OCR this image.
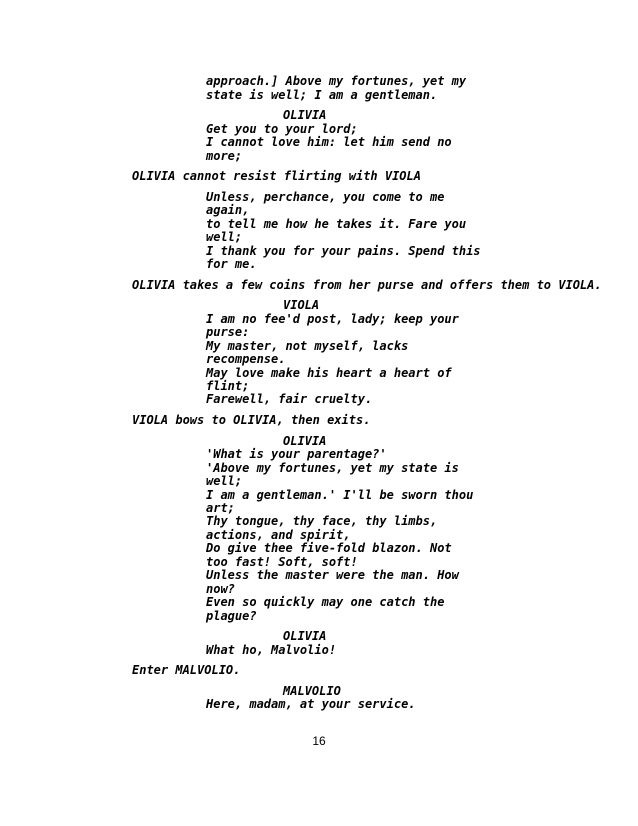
approach.] Above my fortunes, yet my
state is well; I am a gentleman.
OLIVIA
Get you to your lord;
I cannot love him: let him send no
more;
OLIVIA cannot resist flirting with VIOLA
Unless, perchance, you come to me
again,
to tell me how he takes it. Fare you
well;
I thank you for your pains. Spend this
for me.
OLIVIA takes a few coins from her purse and offers them to VIOLA.
VIOLA
I am no fee'd post, lady; keep your
purse:
My master, not myself, lacks
recompense.
May love make his heart a heart of
flint;
Farewell, fair cruelty.
VIOLA bows to OLIVIA, then exits.
OLIVIA
'What is your parentage?'
'Above my fortunes, yet my state is
well;
I am a gentleman.' I'll be sworn thou
art;
Thy tongue, thy face, thy limbs,
actions, and spirit,
Do give thee five-fold blazon. Not
too fast! Soft, soft!
Unless the master were the man. How
now?
Even so quickly may one catch the
plague?
OLIVIA
What ho, Malvolio!
Enter MALVOLIO.
MALVOLIO
Here, madam, at your service.
16
